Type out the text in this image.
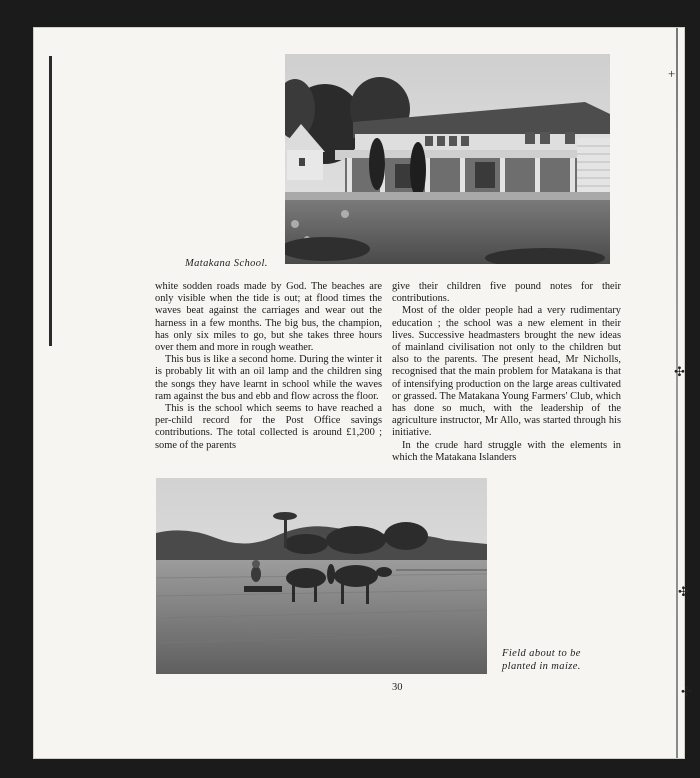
+
✣
✣
✣
Matakana School.

white sodden roads made by God. The beaches are only visible when the tide is out; at flood times the waves beat against the carriages and wear out the harness in a few months. The big bus, the champion, has only six miles to go, but she takes three hours over them and more in rough weather.

This bus is like a second home. During the winter it is probably lit with an oil lamp and the children sing the songs they have learnt in school while the waves ram against the bus and ebb and flow across the floor.

This is the school which seems to have reached a per-child record for the Post Office savings contributions. The total collected is around £1,200 ; some of the parents

give their children five pound notes for their contributions.

Most of the older people had a very rudimentary education ; the school was a new element in their lives. Successive headmasters brought the new ideas of mainland civilisation not only to the children but also to the parents. The present head, Mr Nicholls, recognised that the main problem for Matakana is that of intensifying production on the large areas cultivated or grassed. The Matakana Young Farmers' Club, which has done so much, with the leadership of the agriculture instructor, Mr Allo, was started through his initiative.

In the crude hard struggle with the elements in which the Matakana Islanders

Field about to be planted in maize.
30
